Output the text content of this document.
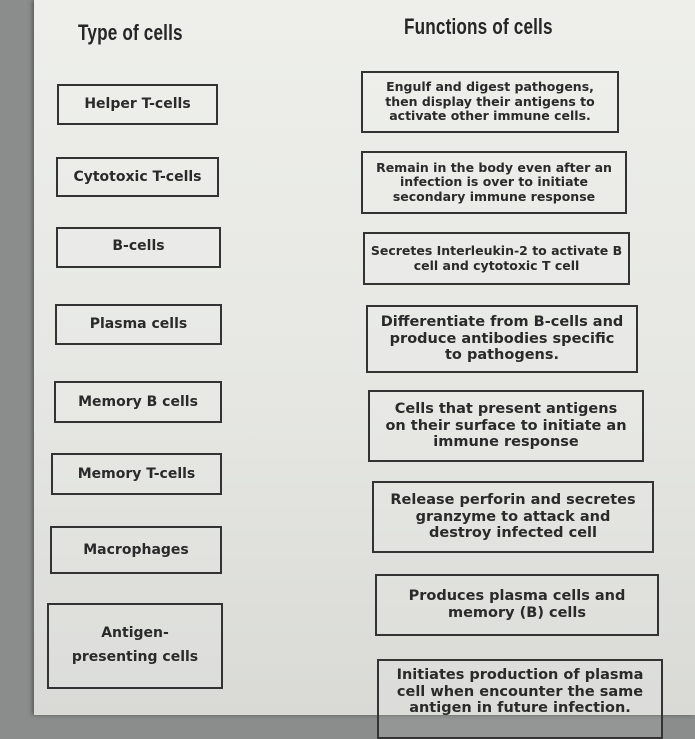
Type of cells	Functions of cells
Helper T-cells
Cytotoxic T-cells
B-cells
Plasma cells
Memory B cells
Memory T-cells
Macrophages
Antigen-presenting cells
Engulf and digest pathogens, then display their antigens to activate other immune cells.
Remain in the body even after an infection is over to initiate secondary immune response
Secretes Interleukin-2 to activate B cell and cytotoxic T cell
Differentiate from B-cells and produce antibodies specific to pathogens.
Cells that present antigens on their surface to initiate an immune response
Release perforin and secretes granzyme to attack and destroy infected cell
Produces plasma cells and memory (B) cells
Initiates production of plasma cell when encounter the same antigen in future infection.
